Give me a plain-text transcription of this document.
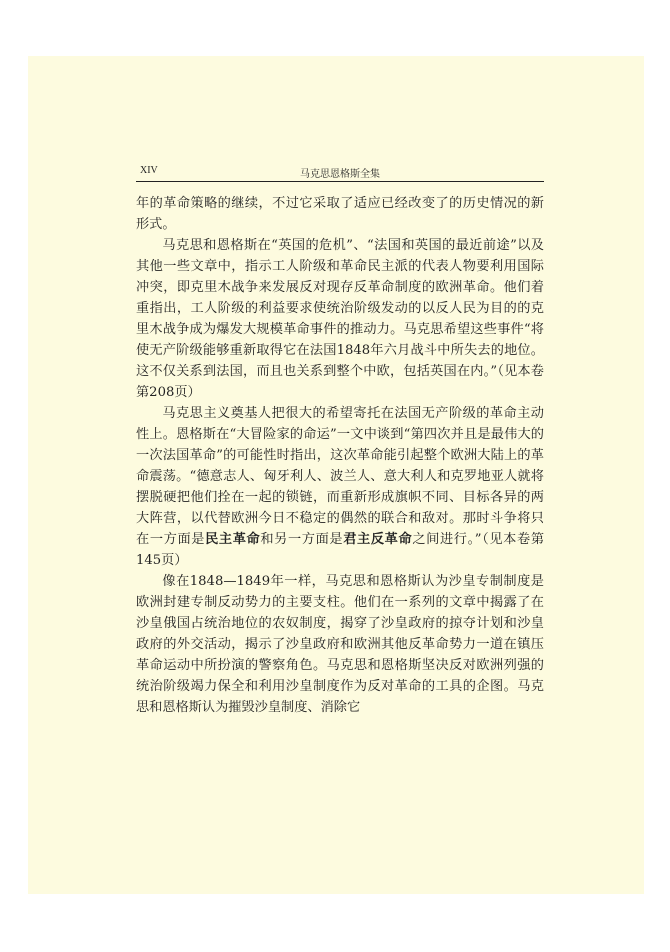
XIV	马克思恩格斯全集

年的革命策略的继续，不过它采取了适应已经改变了的历史情况的新形式。

马克思和恩格斯在“英国的危机”、“法国和英国的最近前途”以及其他一些文章中，指示工人阶级和革命民主派的代表人物要利用国际冲突，即克里木战争来发展反对现存反革命制度的欧洲革命。他们着重指出，工人阶级的利益要求使统治阶级发动的以反人民为目的的克里木战争成为爆发大规模革命事件的推动力。马克思希望这些事件“将使无产阶级能够重新取得它在法国1848年六月战斗中所失去的地位。这不仅关系到法国，而且也关系到整个中欧，包括英国在内。”（见本卷第208页）

马克思主义奠基人把很大的希望寄托在法国无产阶级的革命主动性上。恩格斯在“大冒险家的命运”一文中谈到“第四次并且是最伟大的一次法国革命”的可能性时指出，这次革命能引起整个欧洲大陆上的革命震荡。“德意志人、匈牙利人、波兰人、意大利人和克罗地亚人就将摆脱硬把他们拴在一起的锁链，而重新形成旗帜不同、目标各异的两大阵营，以代替欧洲今日不稳定的偶然的联合和敌对。那时斗争将只在一方面是民主革命和另一方面是君主反革命之间进行。”（见本卷第145页）

像在1848—1849年一样，马克思和恩格斯认为沙皇专制制度是欧洲封建专制反动势力的主要支柱。他们在一系列的文章中揭露了在沙皇俄国占统治地位的农奴制度，揭穿了沙皇政府的掠夺计划和沙皇政府的外交活动，揭示了沙皇政府和欧洲其他反革命势力一道在镇压革命运动中所扮演的警察角色。马克思和恩格斯坚决反对欧洲列强的统治阶级竭力保全和利用沙皇制度作为反对革命的工具的企图。马克思和恩格斯认为摧毁沙皇制度、消除它
